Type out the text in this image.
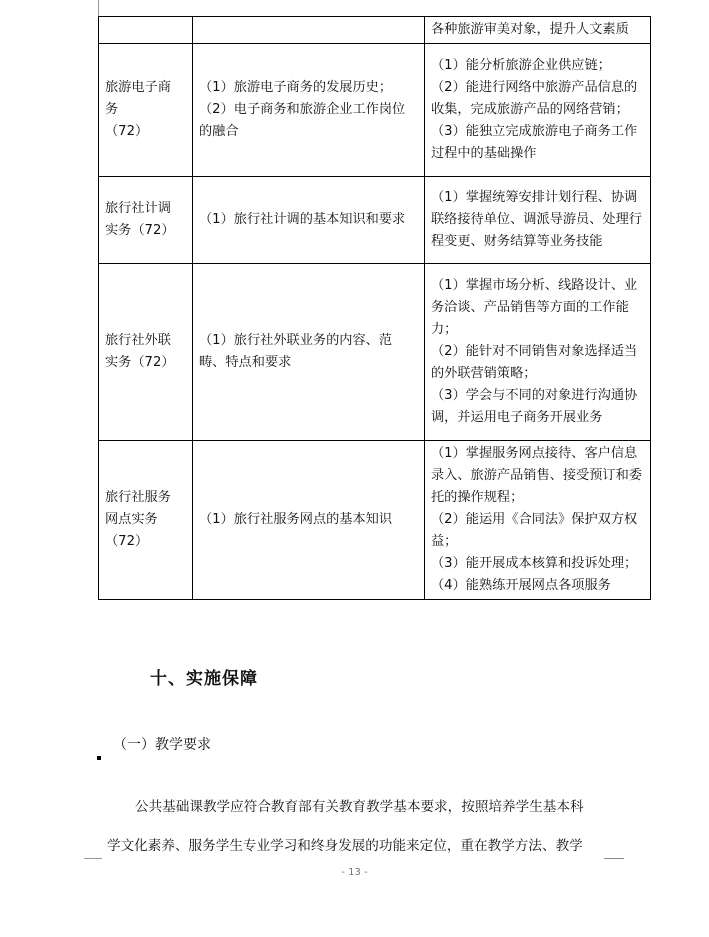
		各种旅游审美对象，提升人文素质

旅游电子商
务
（72）	（1）旅游电子商务的发展历史；
（2）电子商务和旅游企业工作岗位的融合	（1）能分析旅游企业供应链；
（2）能进行网络中旅游产品信息的收集，完成旅游产品的网络营销；
（3）能独立完成旅游电子商务工作过程中的基础操作

旅行社计调
实务（72）	（1）旅行社计调的基本知识和要求	（1）掌握统筹安排计划行程、协调联络接待单位、调派导游员、处理行程变更、财务结算等业务技能

旅行社外联
实务（72）	（1）旅行社外联业务的内容、范畴、特点和要求	（1）掌握市场分析、线路设计、业务洽谈、产品销售等方面的工作能力；
（2）能针对不同销售对象选择适当的外联营销策略；
（3）学会与不同的对象进行沟通协调，并运用电子商务开展业务

旅行社服务
网点实务
（72）	（1）旅行社服务网点的基本知识	（1）掌握服务网点接待、客户信息录入、旅游产品销售、接受预订和委托的操作规程；
（2）能运用《合同法》保护双方权益；
（3）能开展成本核算和投诉处理；
（4）能熟练开展网点各项服务
十、实施保障
（一）教学要求
公共基础课教学应符合教育部有关教育教学基本要求，按照培养学生基本科
学文化素养、服务学生专业学习和终身发展的功能来定位，重在教学方法、教学
- 13 -
